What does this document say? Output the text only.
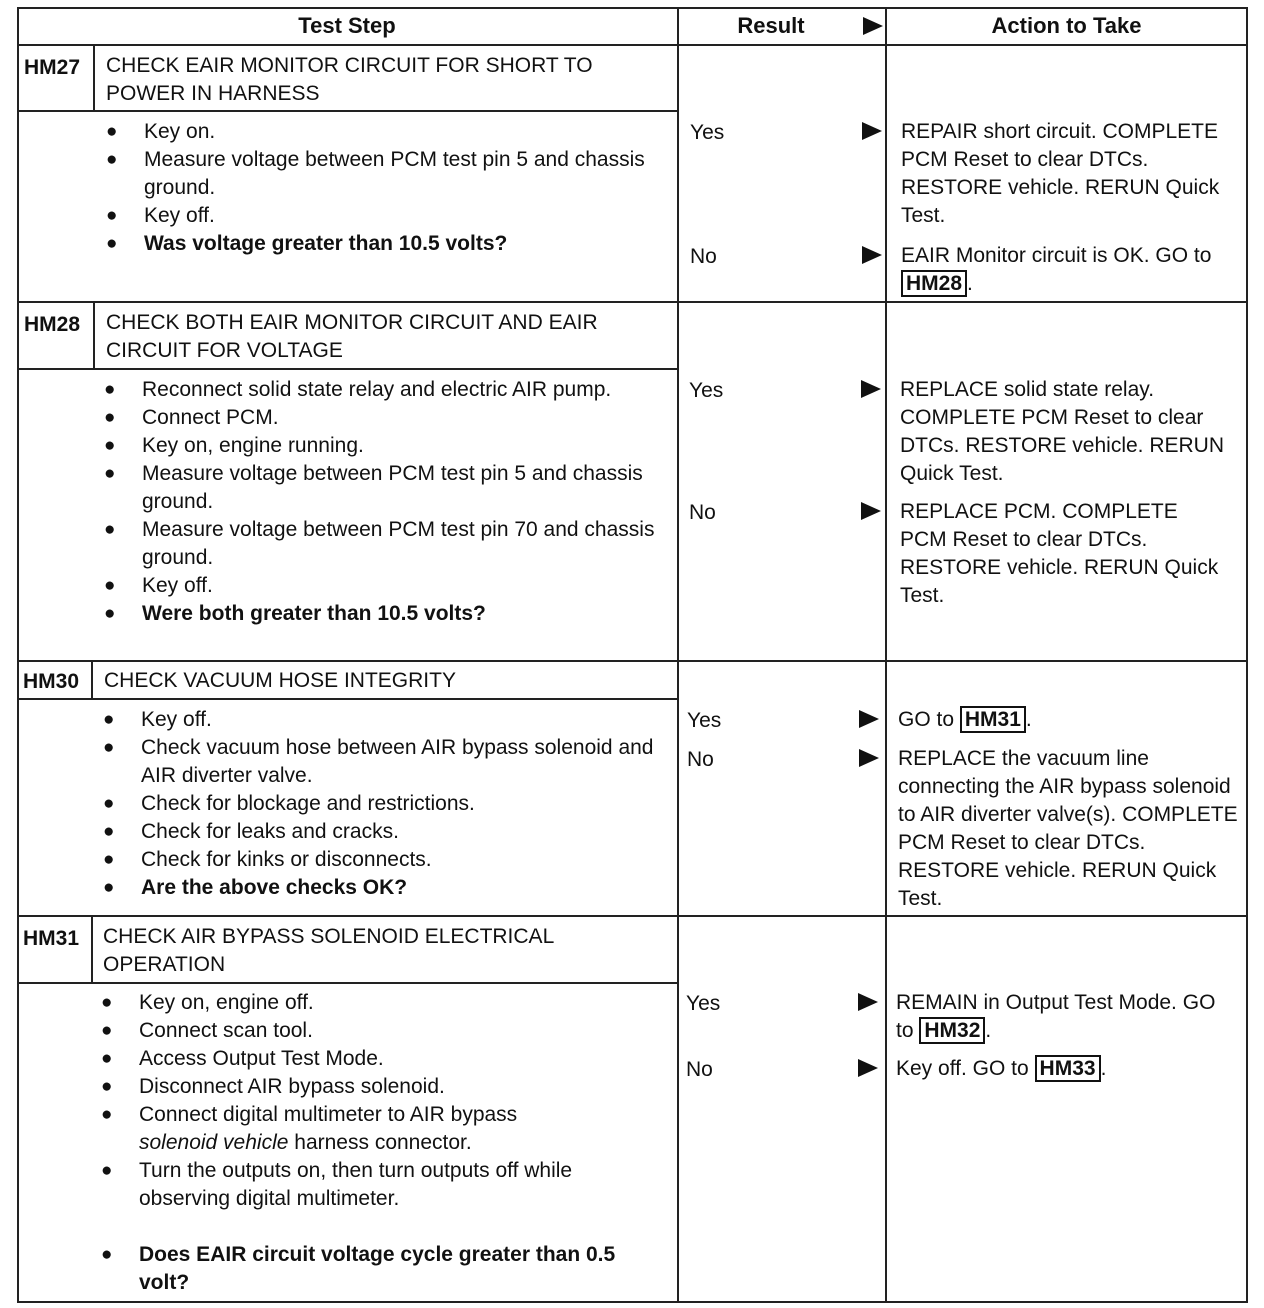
Test Step	Result	Action to Take
HM27 CHECK EAIR MONITOR CIRCUIT FOR SHORT TO
POWER IN HARNESS
● Key on.
● Measure voltage between PCM test pin 5 and chassis ground.
● Key off.
● Was voltage greater than 10.5 volts?
Yes	REPAIR short circuit. COMPLETE PCM Reset to clear DTCs. RESTORE vehicle. RERUN Quick Test.
No	EAIR Monitor circuit is OK. GO to HM28 .
HM28 CHECK BOTH EAIR MONITOR CIRCUIT AND EAIR
CIRCUIT FOR VOLTAGE
● Reconnect solid state relay and electric AIR pump.
● Connect PCM.
● Key on, engine running.
● Measure voltage between PCM test pin 5 and chassis ground.
● Measure voltage between PCM test pin 70 and chassis ground.
● Key off.
● Were both greater than 10.5 volts?
Yes	REPLACE solid state relay. COMPLETE PCM Reset to clear DTCs. RESTORE vehicle. RERUN Quick Test.
No	REPLACE PCM. COMPLETE PCM Reset to clear DTCs. RESTORE vehicle. RERUN Quick Test.
HM30 CHECK VACUUM HOSE INTEGRITY
● Key off.
● Check vacuum hose between AIR bypass solenoid and AIR diverter valve.
● Check for blockage and restrictions.
● Check for leaks and cracks.
● Check for kinks or disconnects.
● Are the above checks OK?
Yes	GO to HM31 .
No	REPLACE the vacuum line connecting the AIR bypass solenoid to AIR diverter valve(s). COMPLETE PCM Reset to clear DTCs. RESTORE vehicle. RERUN Quick Test.
HM31 CHECK AIR BYPASS SOLENOID ELECTRICAL
OPERATION
● Key on, engine off.
● Connect scan tool.
● Access Output Test Mode.
● Disconnect AIR bypass solenoid.
● Connect digital multimeter to AIR bypass
solenoid vehicle harness connector.
● Turn the outputs on, then turn outputs off while observing digital multimeter.
● Does EAIR circuit voltage cycle greater than 0.5 volt?
Yes	REMAIN in Output Test Mode. GO to HM32 .
No	Key off. GO to HM33 .
